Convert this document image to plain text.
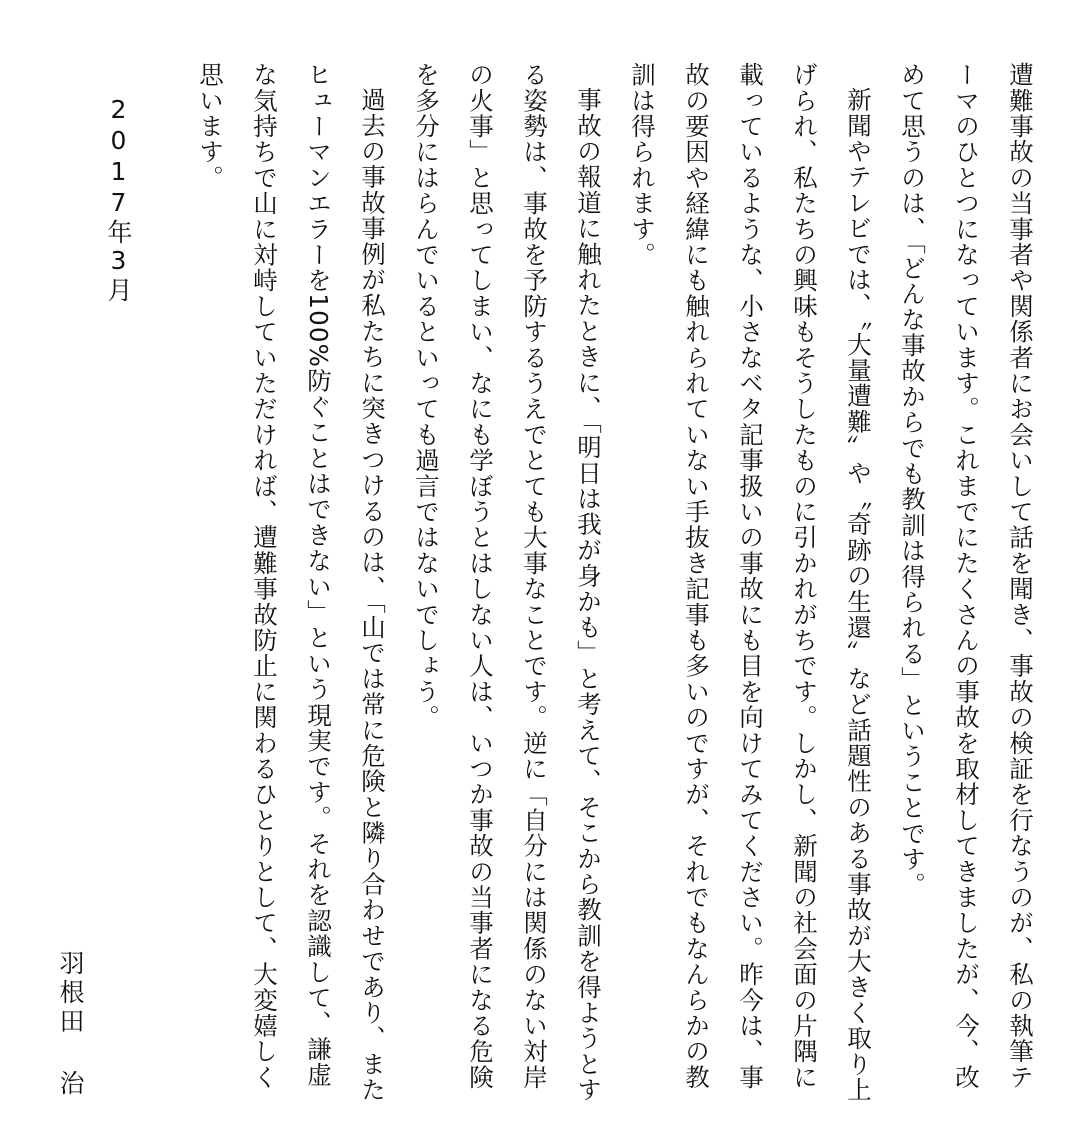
遭難事故の当事者や関係者にお会いして話を聞き、事故の検証を行なうのが、私の執筆テーマのひとつになっています。これまでにたくさんの事故を取材してきましたが、今、改めて思うのは、「どんな事故からでも教訓は得られる」ということです。

新聞やテレビでは、〝大量遭難〟や〝奇跡の生還〟など話題性のある事故が大きく取り上げられ、私たちの興味もそうしたものに引かれがちです。しかし、新聞の社会面の片隅に載っているような、小さなベタ記事扱いの事故にも目を向けてみてください。昨今は、事故の要因や経緯にも触れられていない手抜き記事も多いのですが、それでもなんらかの教訓は得られます。

事故の報道に触れたときに、「明日は我が身かも」と考えて、そこから教訓を得ようとする姿勢は、事故を予防するうえでとても大事なことです。逆に「自分には関係のない対岸の火事」と思ってしまい、なにも学ぼうとはしない人は、いつか事故の当事者になる危険を多分にはらんでいるといっても過言ではないでしょう。

過去の事故事例が私たちに突きつけるのは、「山では常に危険と隣り合わせであり、またヒューマンエラーを100%防ぐことはできない」という現実です。それを認識して、謙虚な気持ちで山に対峙していただければ、遭難事故防止に関わるひとりとして、大変嬉しく思います。

2017年3月
羽根田 治
